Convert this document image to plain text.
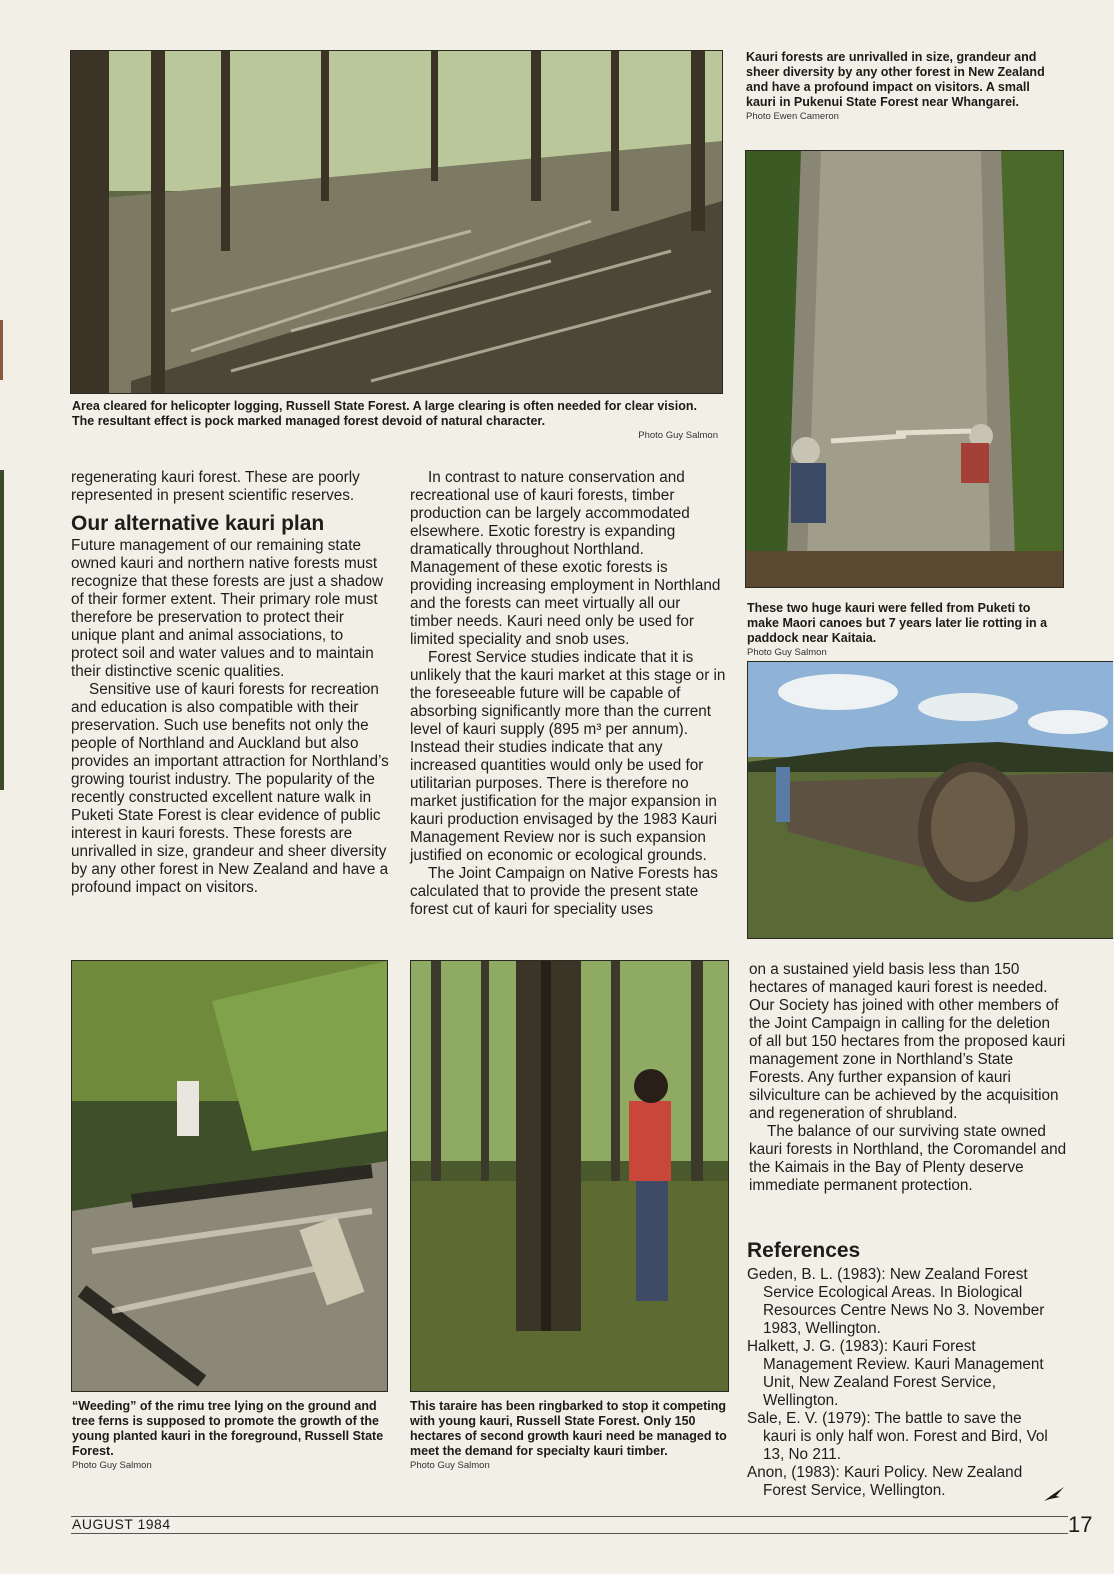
Area cleared for helicopter logging, Russell State Forest. A large clearing is often needed for clear vision. The resultant effect is pock marked managed forest devoid of natural character.
Photo Guy Salmon
Kauri forests are unrivalled in size, grandeur and sheer diversity by any other forest in New Zealand and have a profound impact on visitors. A small kauri in Pukenui State Forest near Whangarei.
Photo Ewen Cameron
These two huge kauri were felled from Puketi to make Maori canoes but 7 years later lie rotting in a paddock near Kaitaia.
Photo Guy Salmon

regenerating kauri forest. These are poorly represented in present scientific reserves.

Our alternative kauri plan

Future management of our remaining state owned kauri and northern native forests must recognize that these forests are just a shadow of their former extent. Their primary role must therefore be preservation to protect their unique plant and animal associations, to protect soil and water values and to maintain their distinctive scenic qualities.

Sensitive use of kauri forests for recreation and education is also compatible with their preservation. Such use benefits not only the people of Northland and Auckland but also provides an important attraction for Northland’s growing tourist industry. The popularity of the recently constructed excellent nature walk in Puketi State Forest is clear evidence of public interest in kauri forests. These forests are unrivalled in size, grandeur and sheer diversity by any other forest in New Zealand and have a profound impact on visitors.

In contrast to nature conservation and recreational use of kauri forests, timber production can be largely accommodated elsewhere. Exotic forestry is expanding dramatically throughout Northland. Management of these exotic forests is providing increasing employment in Northland and the forests can meet virtually all our timber needs. Kauri need only be used for limited speciality and snob uses.

Forest Service studies indicate that it is unlikely that the kauri market at this stage or in the foreseeable future will be capable of absorbing significantly more than the current level of kauri supply (895 m³ per annum). Instead their studies indicate that any increased quantities would only be used for utilitarian purposes. There is therefore no market justification for the major expansion in kauri production envisaged by the 1983 Kauri Management Review nor is such expansion justified on economic or ecological grounds.

The Joint Campaign on Native Forests has calculated that to provide the present state forest cut of kauri for speciality uses

“Weeding” of the rimu tree lying on the ground and tree ferns is supposed to promote the growth of the young planted kauri in the foreground, Russell State Forest.
Photo Guy Salmon
This taraire has been ringbarked to stop it competing with young kauri, Russell State Forest. Only 150 hectares of second growth kauri need be managed to meet the demand for specialty kauri timber.
Photo Guy Salmon

on a sustained yield basis less than 150 hectares of managed kauri forest is needed. Our Society has joined with other members of the Joint Campaign in calling for the deletion of all but 150 hectares from the proposed kauri management zone in Northland’s State Forests. Any further expansion of kauri silviculture can be achieved by the acquisition and regeneration of shrubland.

The balance of our surviving state owned kauri forests in Northland, the Coromandel and the Kaimais in the Bay of Plenty deserve immediate permanent protection.

References

Geden, B. L. (1983): New Zealand Forest Service Ecological Areas. In Biological Resources Centre News No 3. November 1983, Wellington.

Halkett, J. G. (1983): Kauri Forest Management Review. Kauri Management Unit, New Zealand Forest Service, Wellington.

Sale, E. V. (1979): The battle to save the kauri is only half won. Forest and Bird, Vol 13, No 211.

Anon, (1983): Kauri Policy. New Zealand Forest Service, Wellington.

AUGUST 1984	17
